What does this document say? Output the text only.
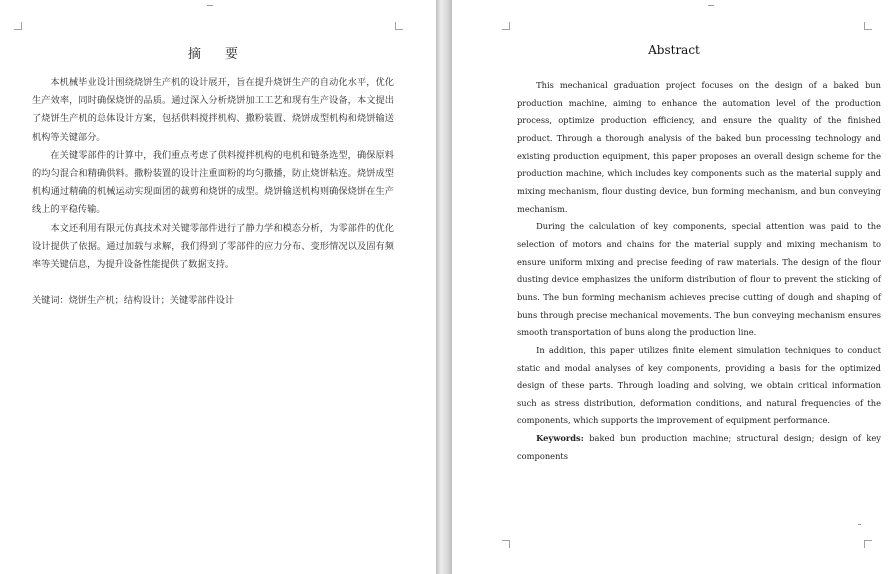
摘 要

本机械毕业设计围绕烧饼生产机的设计展开，旨在提升烧饼生产的自动化水平，优化生产效率，同时确保烧饼的品质。通过深入分析烧饼加工工艺和现有生产设备，本文提出了烧饼生产机的总体设计方案，包括供料搅拌机构、撒粉装置、烧饼成型机构和烧饼输送机构等关键部分。

在关键零部件的计算中，我们重点考虑了供料搅拌机构的电机和链条选型，确保原料的均匀混合和精确供料。撒粉装置的设计注重面粉的均匀撒播，防止烧饼粘连。烧饼成型机构通过精确的机械运动实现面团的裁剪和烧饼的成型。烧饼输送机构则确保烧饼在生产线上的平稳传输。

本文还利用有限元仿真技术对关键零部件进行了静力学和模态分析，为零部件的优化设计提供了依据。通过加载与求解，我们得到了零部件的应力分布、变形情况以及固有频率等关键信息，为提升设备性能提供了数据支持。

关键词：烧饼生产机；结构设计；关键零部件设计
Abstract

This mechanical graduation project focuses on the design of a baked bun production machine, aiming to enhance the automation level of the production process, optimize production efficiency, and ensure the quality of the finished product. Through a thorough analysis of the baked bun processing technology and existing production equipment, this paper proposes an overall design scheme for the production machine, which includes key components such as the material supply and mixing mechanism, flour dusting device, bun forming mechanism, and bun conveying mechanism.

During the calculation of key components, special attention was paid to the selection of motors and chains for the material supply and mixing mechanism to ensure uniform mixing and precise feeding of raw materials. The design of the flour dusting device emphasizes the uniform distribution of flour to prevent the sticking of buns. The bun forming mechanism achieves precise cutting of dough and shaping of buns through precise mechanical movements. The bun conveying mechanism ensures smooth transportation of buns along the production line.

In addition, this paper utilizes finite element simulation techniques to conduct static and modal analyses of key components, providing a basis for the optimized design of these parts. Through loading and solving, we obtain critical information such as stress distribution, deformation conditions, and natural frequencies of the components, which supports the improvement of equipment performance.

Keywords: baked bun production machine; structural design; design of key components
